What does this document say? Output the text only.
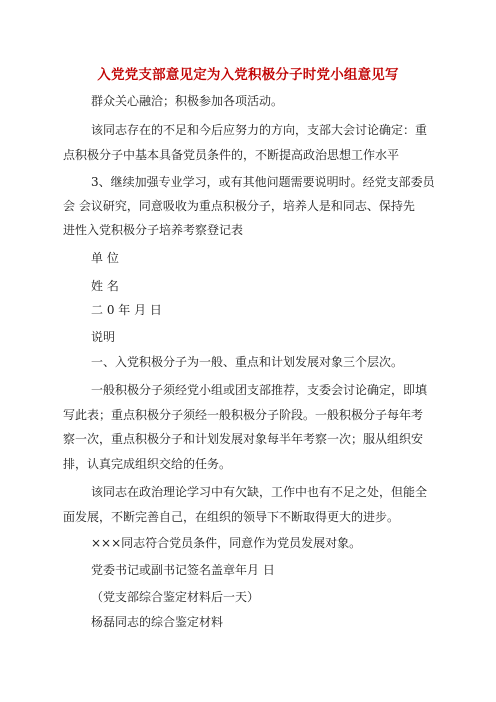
入党党支部意见定为入党积极分子时党小组意见写
群众关心融洽；积极参加各项活动。
该同志存在的不足和今后应努力的方向，支部大会讨论确定：重
点积极分子中基本具备党员条件的，不断提高政治思想工作水平
3、继续加强专业学习，或有其他问题需要说明时。经党支部委员
会 会议研究，同意吸收为重点积极分子，培养人是和同志、保持先
进性入党积极分子培养考察登记表
单 位
姓 名
二 0 年 月 日
说明
一、入党积极分子为一般、重点和计划发展对象三个层次。
一般积极分子须经党小组或团支部推荐，支委会讨论确定，即填
写此表；重点积极分子须经一般积极分子阶段。一般积极分子每年考
察一次，重点积极分子和计划发展对象每半年考察一次；服从组织安
排，认真完成组织交给的任务。
该同志在政治理论学习中有欠缺，工作中也有不足之处，但能全
面发展，不断完善自己，在组织的领导下不断取得更大的进步。
×××同志符合党员条件，同意作为党员发展对象。
党委书记或副书记签名盖章年月 日
（党支部综合鉴定材料后一天）
杨磊同志的综合鉴定材料
